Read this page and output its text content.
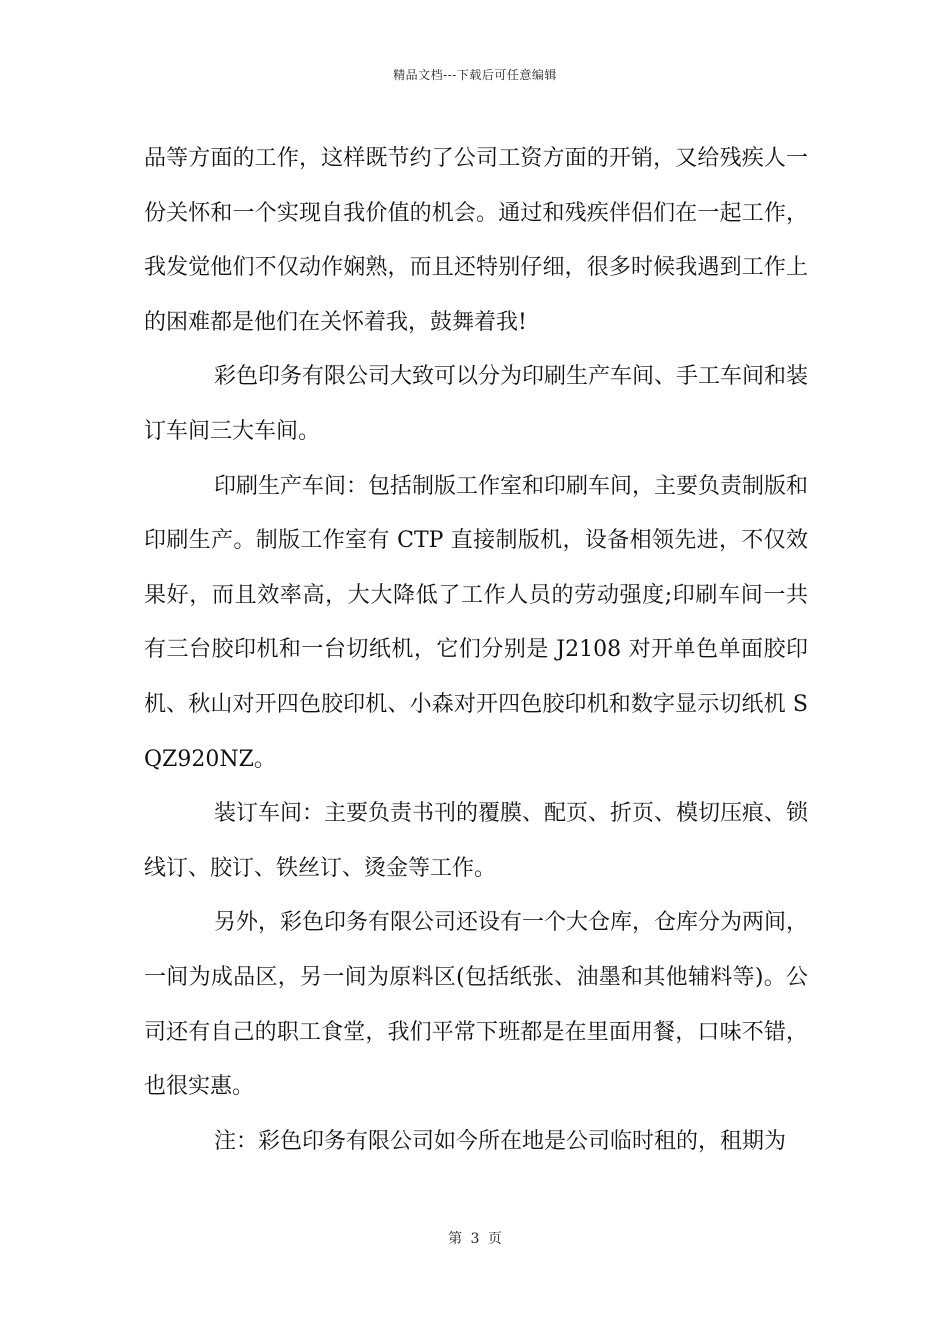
精品文档---下载后可任意编辑

品等方面的工作，这样既节约了公司工资方面的开销，又给残疾人一份关怀和一个实现自我价值的机会。通过和残疾伴侣们在一起工作，我发觉他们不仅动作娴熟，而且还特别仔细，很多时候我遇到工作上的困难都是他们在关怀着我，鼓舞着我!

彩色印务有限公司大致可以分为印刷生产车间、手工车间和装订车间三大车间。

印刷生产车间：包括制版工作室和印刷车间，主要负责制版和印刷生产。制版工作室有 CTP 直接制版机，设备相领先进，不仅效果好，而且效率高，大大降低了工作人员的劳动强度;印刷车间一共有三台胶印机和一台切纸机，它们分别是 J2108 对开单色单面胶印机、秋山对开四色胶印机、小森对开四色胶印机和数字显示切纸机 SQZ920NZ。

装订车间：主要负责书刊的覆膜、配页、折页、模切压痕、锁线订、胶订、铁丝订、烫金等工作。

另外，彩色印务有限公司还设有一个大仓库，仓库分为两间，一间为成品区，另一间为原料区(包括纸张、油墨和其他辅料等)。公司还有自己的职工食堂，我们平常下班都是在里面用餐，口味不错，也很实惠。

注：彩色印务有限公司如今所在地是公司临时租的，租期为

第 3 页
